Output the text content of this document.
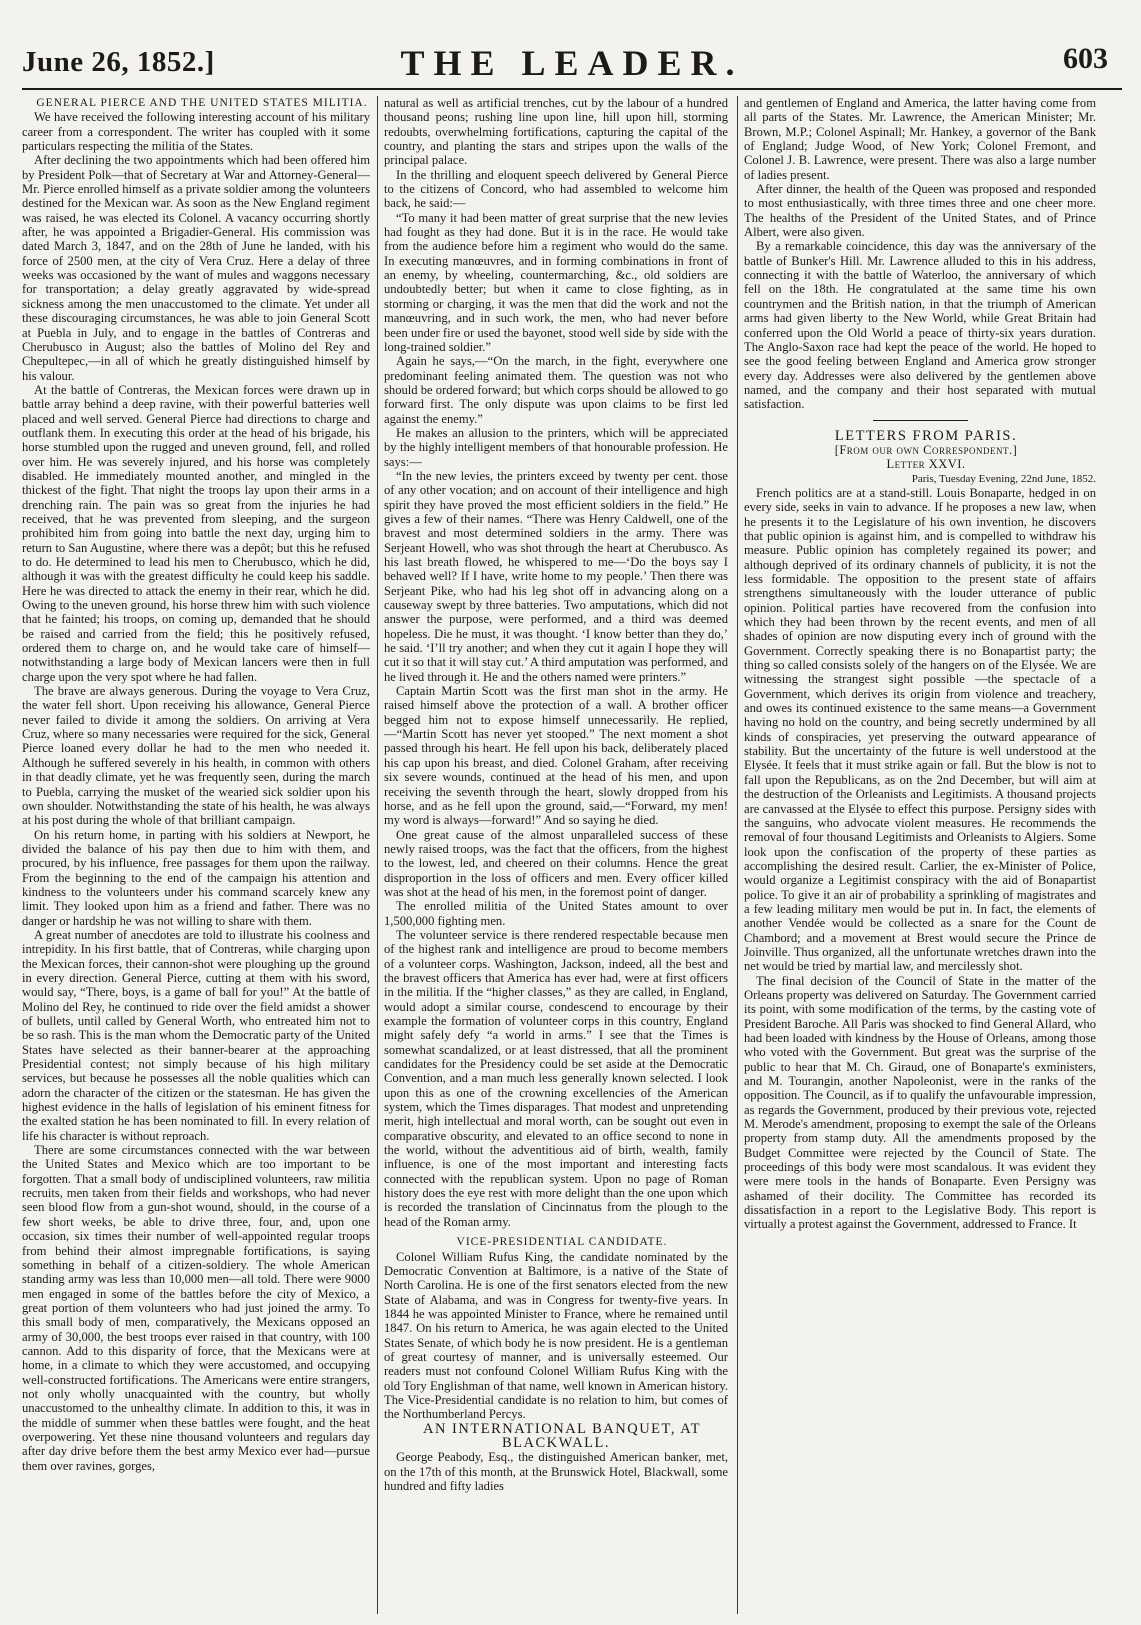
June 26, 1852.]	THE LEADER.	603

GENERAL PIERCE AND THE UNITED STATES MILITIA.

We have received the following interesting account of his military career from a correspondent. The writer has coupled with it some particulars respecting the militia of the States.

After declining the two appointments which had been offered him by President Polk—that of Secretary at War and Attorney-General—Mr. Pierce enrolled himself as a private soldier among the volunteers destined for the Mexican war. As soon as the New England regiment was raised, he was elected its Colonel. A vacancy occurring shortly after, he was appointed a Brigadier-General. His commission was dated March 3, 1847, and on the 28th of June he landed, with his force of 2500 men, at the city of Vera Cruz. Here a delay of three weeks was occasioned by the want of mules and waggons necessary for transportation; a delay greatly aggravated by wide-spread sickness among the men unaccustomed to the climate. Yet under all these discouraging circumstances, he was able to join General Scott at Puebla in July, and to engage in the battles of Contreras and Cherubusco in August; also the battles of Molino del Rey and Chepultepec,—in all of which he greatly distinguished himself by his valour.

At the battle of Contreras, the Mexican forces were drawn up in battle array behind a deep ravine, with their powerful batteries well placed and well served. General Pierce had directions to charge and outflank them. In executing this order at the head of his brigade, his horse stumbled upon the rugged and uneven ground, fell, and rolled over him. He was severely injured, and his horse was completely disabled. He immediately mounted another, and mingled in the thickest of the fight. That night the troops lay upon their arms in a drenching rain. The pain was so great from the injuries he had received, that he was prevented from sleeping, and the surgeon prohibited him from going into battle the next day, urging him to return to San Augustine, where there was a depôt; but this he refused to do. He determined to lead his men to Cherubusco, which he did, although it was with the greatest difficulty he could keep his saddle. Here he was directed to attack the enemy in their rear, which he did. Owing to the uneven ground, his horse threw him with such violence that he fainted; his troops, on coming up, demanded that he should be raised and carried from the field; this he positively refused, ordered them to charge on, and he would take care of himself—notwithstanding a large body of Mexican lancers were then in full charge upon the very spot where he had fallen.

The brave are always generous. During the voyage to Vera Cruz, the water fell short. Upon receiving his allowance, General Pierce never failed to divide it among the soldiers. On arriving at Vera Cruz, where so many necessaries were required for the sick, General Pierce loaned every dollar he had to the men who needed it. Although he suffered severely in his health, in common with others in that deadly climate, yet he was frequently seen, during the march to Puebla, carrying the musket of the wearied sick soldier upon his own shoulder. Notwithstanding the state of his health, he was always at his post during the whole of that brilliant campaign.

On his return home, in parting with his soldiers at Newport, he divided the balance of his pay then due to him with them, and procured, by his influence, free passages for them upon the railway. From the beginning to the end of the campaign his attention and kindness to the volunteers under his command scarcely knew any limit. They looked upon him as a friend and father. There was no danger or hardship he was not willing to share with them.

A great number of anecdotes are told to illustrate his coolness and intrepidity. In his first battle, that of Contreras, while charging upon the Mexican forces, their cannon-shot were ploughing up the ground in every direction. General Pierce, cutting at them with his sword, would say, “There, boys, is a game of ball for you!” At the battle of Molino del Rey, he continued to ride over the field amidst a shower of bullets, until called by General Worth, who entreated him not to be so rash. This is the man whom the Democratic party of the United States have selected as their banner-bearer at the approaching Presidential contest; not simply because of his high military services, but because he possesses all the noble qualities which can adorn the character of the citizen or the statesman. He has given the highest evidence in the halls of legislation of his eminent fitness for the exalted station he has been nominated to fill. In every relation of life his character is without reproach.

There are some circumstances connected with the war between the United States and Mexico which are too important to be forgotten. That a small body of undisciplined volunteers, raw militia recruits, men taken from their fields and workshops, who had never seen blood flow from a gun-shot wound, should, in the course of a few short weeks, be able to drive three, four, and, upon one occasion, six times their number of well-appointed regular troops from behind their almost impregnable fortifications, is saying something in behalf of a citizen-soldiery. The whole American standing army was less than 10,000 men—all told. There were 9000 men engaged in some of the battles before the city of Mexico, a great portion of them volunteers who had just joined the army. To this small body of men, comparatively, the Mexicans opposed an army of 30,000, the best troops ever raised in that country, with 100 cannon. Add to this disparity of force, that the Mexicans were at home, in a climate to which they were accustomed, and occupying well-constructed fortifications. The Americans were entire strangers, not only wholly unacquainted with the country, but wholly unaccustomed to the unhealthy climate. In addition to this, it was in the middle of summer when these battles were fought, and the heat overpowering. Yet these nine thousand volunteers and regulars day after day drive before them the best army Mexico ever had—pursue them over ravines, gorges,

natural as well as artificial trenches, cut by the labour of a hundred thousand peons; rushing line upon line, hill upon hill, storming redoubts, overwhelming fortifications, capturing the capital of the country, and planting the stars and stripes upon the walls of the principal palace.

In the thrilling and eloquent speech delivered by General Pierce to the citizens of Concord, who had assembled to welcome him back, he said:—

“To many it had been matter of great surprise that the new levies had fought as they had done. But it is in the race. He would take from the audience before him a regiment who would do the same. In executing manœuvres, and in forming combinations in front of an enemy, by wheeling, countermarching, &c., old soldiers are undoubtedly better; but when it came to close fighting, as in storming or charging, it was the men that did the work and not the manœuvring, and in such work, the men, who had never before been under fire or used the bayonet, stood well side by side with the long-trained soldier.”

Again he says,—“On the march, in the fight, everywhere one predominant feeling animated them. The question was not who should be ordered forward; but which corps should be allowed to go forward first. The only dispute was upon claims to be first led against the enemy.”

He makes an allusion to the printers, which will be appreciated by the highly intelligent members of that honourable profession. He says:—

“In the new levies, the printers exceed by twenty per cent. those of any other vocation; and on account of their intelligence and high spirit they have proved the most efficient soldiers in the field.” He gives a few of their names. “There was Henry Caldwell, one of the bravest and most determined soldiers in the army. There was Serjeant Howell, who was shot through the heart at Cherubusco. As his last breath flowed, he whispered to me—‘Do the boys say I behaved well? If I have, write home to my people.’ Then there was Serjeant Pike, who had his leg shot off in advancing along on a causeway swept by three batteries. Two amputations, which did not answer the purpose, were performed, and a third was deemed hopeless. Die he must, it was thought. ‘I know better than they do,’ he said. ‘I’ll try another; and when they cut it again I hope they will cut it so that it will stay cut.’ A third amputation was performed, and he lived through it. He and the others named were printers.”

Captain Martin Scott was the first man shot in the army. He raised himself above the protection of a wall. A brother officer begged him not to expose himself unnecessarily. He replied,—“Martin Scott has never yet stooped.” The next moment a shot passed through his heart. He fell upon his back, deliberately placed his cap upon his breast, and died. Colonel Graham, after receiving six severe wounds, continued at the head of his men, and upon receiving the seventh through the heart, slowly dropped from his horse, and as he fell upon the ground, said,—“Forward, my men! my word is always—forward!” And so saying he died.

One great cause of the almost unparalleled success of these newly raised troops, was the fact that the officers, from the highest to the lowest, led, and cheered on their columns. Hence the great disproportion in the loss of officers and men. Every officer killed was shot at the head of his men, in the foremost point of danger.

The enrolled militia of the United States amount to over 1,500,000 fighting men.

The volunteer service is there rendered respectable because men of the highest rank and intelligence are proud to become members of a volunteer corps. Washington, Jackson, indeed, all the best and the bravest officers that America has ever had, were at first officers in the militia. If the “higher classes,” as they are called, in England, would adopt a similar course, condescend to encourage by their example the formation of volunteer corps in this country, England might safely defy “a world in arms.” I see that the Times is somewhat scandalized, or at least distressed, that all the prominent candidates for the Presidency could be set aside at the Democratic Convention, and a man much less generally known selected. I look upon this as one of the crowning excellencies of the American system, which the Times disparages. That modest and unpretending merit, high intellectual and moral worth, can be sought out even in comparative obscurity, and elevated to an office second to none in the world, without the adventitious aid of birth, wealth, family influence, is one of the most important and interesting facts connected with the republican system. Upon no page of Roman history does the eye rest with more delight than the one upon which is recorded the translation of Cincinnatus from the plough to the head of the Roman army.

VICE-PRESIDENTIAL CANDIDATE.

Colonel William Rufus King, the candidate nominated by the Democratic Convention at Baltimore, is a native of the State of North Carolina. He is one of the first senators elected from the new State of Alabama, and was in Congress for twenty-five years. In 1844 he was appointed Minister to France, where he remained until 1847. On his return to America, he was again elected to the United States Senate, of which body he is now president. He is a gentleman of great courtesy of manner, and is universally esteemed. Our readers must not confound Colonel William Rufus King with the old Tory Englishman of that name, well known in American history. The Vice-Presidential candidate is no relation to him, but comes of the Northumberland Percys.

AN INTERNATIONAL BANQUET, AT BLACKWALL.

George Peabody, Esq., the distinguished American banker, met, on the 17th of this month, at the Brunswick Hotel, Blackwall, some hundred and fifty ladies

and gentlemen of England and America, the latter having come from all parts of the States. Mr. Lawrence, the American Minister; Mr. Brown, M.P.; Colonel Aspinall; Mr. Hankey, a governor of the Bank of England; Judge Wood, of New York; Colonel Fremont, and Colonel J. B. Lawrence, were present. There was also a large number of ladies present.

After dinner, the health of the Queen was proposed and responded to most enthusiastically, with three times three and one cheer more. The healths of the President of the United States, and of Prince Albert, were also given.

By a remarkable coincidence, this day was the anniversary of the battle of Bunker's Hill. Mr. Lawrence alluded to this in his address, connecting it with the battle of Waterloo, the anniversary of which fell on the 18th. He congratulated at the same time his own countrymen and the British nation, in that the triumph of American arms had given liberty to the New World, while Great Britain had conferred upon the Old World a peace of thirty-six years duration. The Anglo-Saxon race had kept the peace of the world. He hoped to see the good feeling between England and America grow stronger every day. Addresses were also delivered by the gentlemen above named, and the company and their host separated with mutual satisfaction.

LETTERS FROM PARIS.

[From our own Correspondent.]

Letter XXVI.

Paris, Tuesday Evening, 22nd June, 1852.

French politics are at a stand-still. Louis Bonaparte, hedged in on every side, seeks in vain to advance. If he proposes a new law, when he presents it to the Legislature of his own invention, he discovers that public opinion is against him, and is compelled to withdraw his measure. Public opinion has completely regained its power; and although deprived of its ordinary channels of publicity, it is not the less formidable. The opposition to the present state of affairs strengthens simultaneously with the louder utterance of public opinion. Political parties have recovered from the confusion into which they had been thrown by the recent events, and men of all shades of opinion are now disputing every inch of ground with the Government. Correctly speaking there is no Bonapartist party; the thing so called consists solely of the hangers on of the Elysée. We are witnessing the strangest sight possible —the spectacle of a Government, which derives its origin from violence and treachery, and owes its continued existence to the same means—a Government having no hold on the country, and being secretly undermined by all kinds of conspiracies, yet preserving the outward appearance of stability. But the uncertainty of the future is well understood at the Elysée. It feels that it must strike again or fall. But the blow is not to fall upon the Republicans, as on the 2nd December, but will aim at the destruction of the Orleanists and Legitimists. A thousand projects are canvassed at the Elysée to effect this purpose. Persigny sides with the sanguins, who advocate violent measures. He recommends the removal of four thousand Legitimists and Orleanists to Algiers. Some look upon the confiscation of the property of these parties as accomplishing the desired result. Carlier, the ex-Minister of Police, would organize a Legitimist conspiracy with the aid of Bonapartist police. To give it an air of probability a sprinkling of magistrates and a few leading military men would be put in. In fact, the elements of another Vendée would be collected as a snare for the Count de Chambord; and a movement at Brest would secure the Prince de Joinville. Thus organized, all the unfortunate wretches drawn into the net would be tried by martial law, and mercilessly shot.

The final decision of the Council of State in the matter of the Orleans property was delivered on Saturday. The Government carried its point, with some modification of the terms, by the casting vote of President Baroche. All Paris was shocked to find General Allard, who had been loaded with kindness by the House of Orleans, among those who voted with the Government. But great was the surprise of the public to hear that M. Ch. Giraud, one of Bonaparte's exministers, and M. Tourangin, another Napoleonist, were in the ranks of the opposition. The Council, as if to qualify the unfavourable impression, as regards the Government, produced by their previous vote, rejected M. Merode's amendment, proposing to exempt the sale of the Orleans property from stamp duty. All the amendments proposed by the Budget Committee were rejected by the Council of State. The proceedings of this body were most scandalous. It was evident they were mere tools in the hands of Bonaparte. Even Persigny was ashamed of their docility. The Committee has recorded its dissatisfaction in a report to the Legislative Body. This report is virtually a protest against the Government, addressed to France. It
